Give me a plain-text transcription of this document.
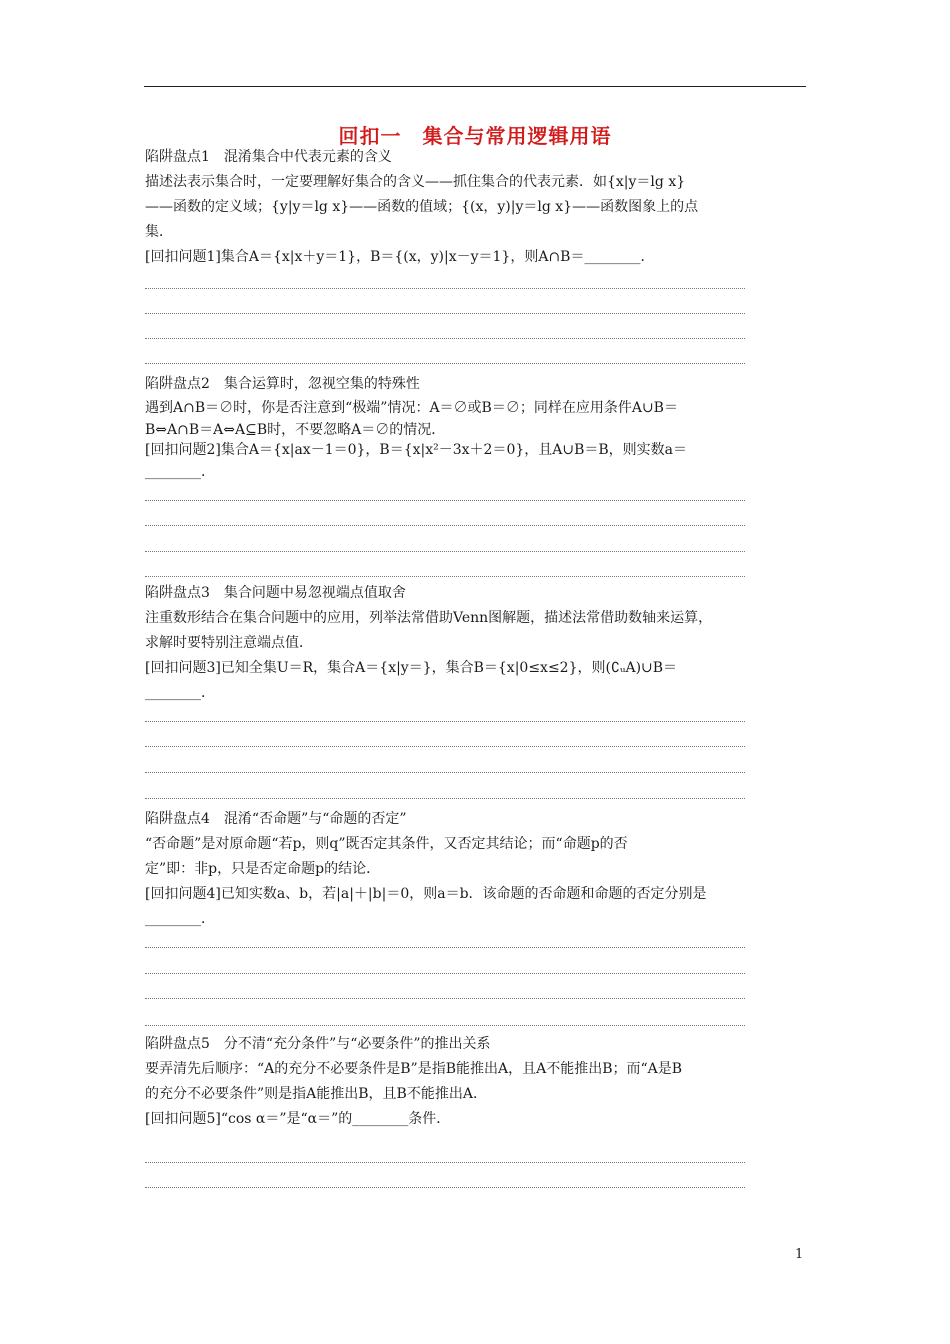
回扣一　集合与常用逻辑用语

陷阱盘点1　混淆集合中代表元素的含义

描述法表示集合时，一定要理解好集合的含义——抓住集合的代表元素．如{x|y＝lg x}

——函数的定义域；{y|y＝lg x}——函数的值域；{(x，y)|y＝lg x}——函数图象上的点

集．

[回扣问题1]集合A＝{x|x＋y＝1}，B＝{(x，y)|x－y＝1}，则A∩B＝________．

陷阱盘点2　集合运算时，忽视空集的特殊性

遇到A∩B＝∅时，你是否注意到“极端”情况：A＝∅或B＝∅；同样在应用条件A∪B＝

B⇔A∩B＝A⇔A⊆B时，不要忽略A＝∅的情况．

[回扣问题2]集合A＝{x|ax－1＝0}，B＝{x|x²－3x＋2＝0}，且A∪B＝B，则实数a＝

________．

陷阱盘点3　集合问题中易忽视端点值取舍

注重数形结合在集合问题中的应用，列举法常借助Venn图解题，描述法常借助数轴来运算，

求解时要特别注意端点值．

[回扣问题3]已知全集U＝R，集合A＝{x|y＝}，集合B＝{x|0≤x≤2}，则(∁ᵤA)∪B＝

________．

陷阱盘点4　混淆“否命题”与“命题的否定”

“否命题”是对原命题“若p，则q”既否定其条件，又否定其结论；而“命题p的否

定”即：非p，只是否定命题p的结论．

[回扣问题4]已知实数a、b，若|a|＋|b|＝0，则a＝b．该命题的否命题和命题的否定分别是

________．

陷阱盘点5　分不清“充分条件”与“必要条件”的推出关系

要弄清先后顺序：“A的充分不必要条件是B”是指B能推出A，且A不能推出B；而“A是B

的充分不必要条件”则是指A能推出B，且B不能推出A．

[回扣问题5]“cos α＝”是“α＝”的________条件．

1
